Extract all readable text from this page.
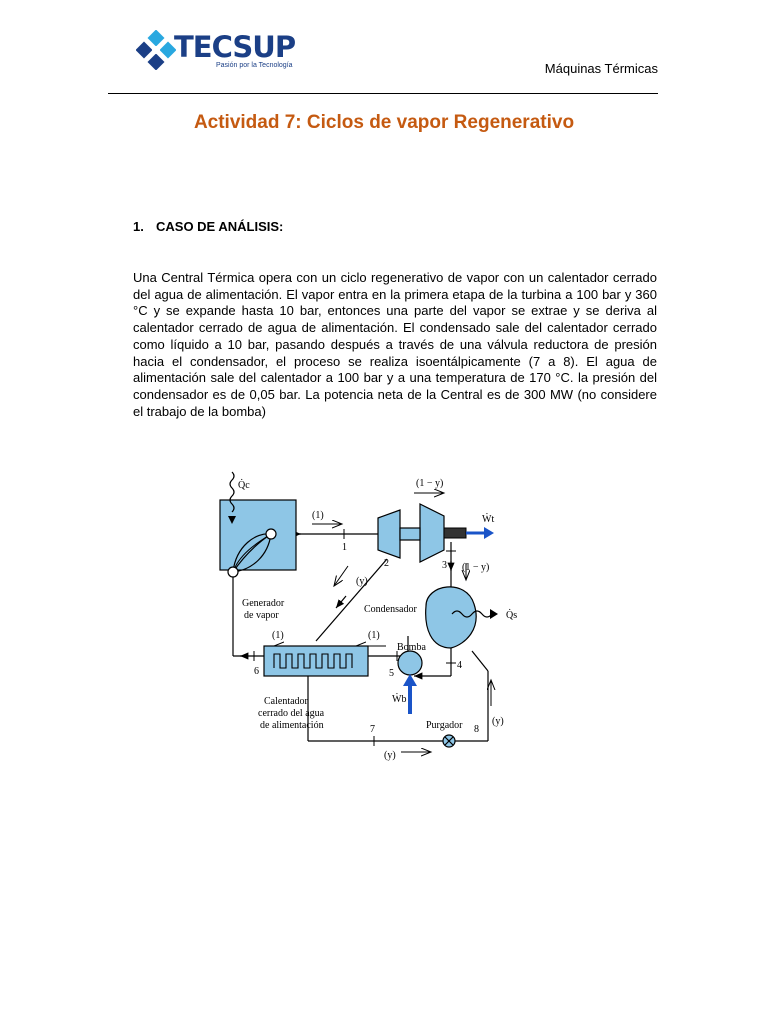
TECSUP
Pasión por la Tecnología	Máquinas Térmicas
Actividad 7: Ciclos de vapor Regenerativo
1. CASO DE ANÁLISIS:
Una Central Térmica opera con un ciclo regenerativo de vapor con un calentador cerrado del agua de alimentación. El vapor entra en la primera etapa de la turbina a 100 bar y 360 °C y se expande hasta 10 bar, entonces una parte del vapor se extrae y se deriva al calentador cerrado de agua de alimentación. El condensado sale del calentador cerrado como líquido a 10 bar, pasando después a través de una válvula reductora de presión hacia el condensador, el proceso se realiza isoentálpicamente (7 a 8). El agua de alimentación sale del calentador a 100 bar y a una temperatura de 170 °C. la presión del condensador es de 0,05 bar. La potencia neta de la Central es de 300 MW (no considere el trabajo de la bomba)
Q̇c
(1)
(1 − y)
Ẇt
1
2	3 (1 − y)
(y)
Generador
de vapor
Condensador
Q̇s
(1)	(1)
Bomba
4
5
6
Ẇb
Calentador
cerrado del agua
de alimentación	7	Purgador 8
(y)
(y)
